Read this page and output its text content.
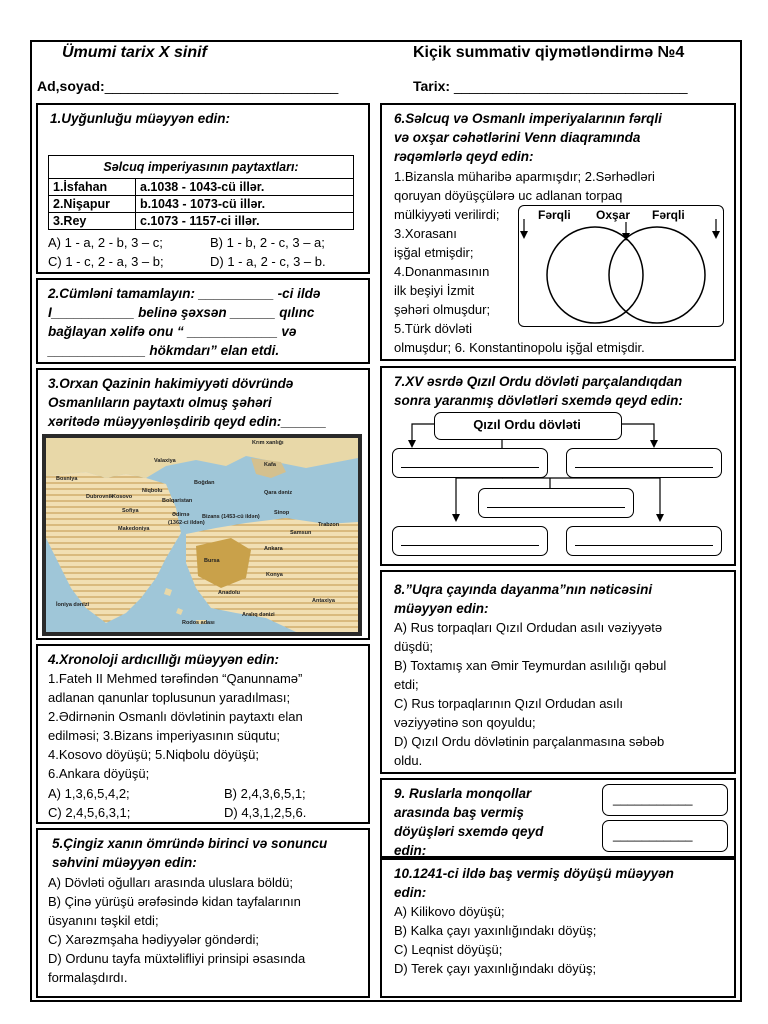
Ümumi tarix X sinif	Kiçik summativ qiymətləndirmə №4
Ad,soyad:______________________________	Tarix: ______________________________
1.Uyğunluğu müəyyən edin:
Səlcuq imperiyasının paytaxtları:	
1.İsfahan	a.1038 - 1043-cü illər.
2.Nişapur	b.1043 - 1073-cü illər.
3.Rey	c.1073 - 1157-ci illər.
A) 1 - a, 2 - b, 3 – c;	B) 1 - b, 2 - c, 3 – a;
C) 1 - c, 2 - a, 3 – b;	D) 1 - a, 2 - c, 3 – b.
2.Cümləni tamamlayın: __________ -ci ildə
I___________ belinə şəxsən ______ qılınc
bağlayan xəlifə onu “ ____________ və
_____________ hökmdarı” elan etdi.
3.Orxan Qazinin hakimiyyəti dövründə
Osmanlıların paytaxtı olmuş şəhəri
xəritədə müəyyənləşdirib qeyd edin:______
Krım xanlığı
Valaxiya
Kafa
Bosniya
Boğdan
Dubrovnik
Kosovo
Niqbolu
Bolqaristan
Sofiya
Makedoniya
Ədirnə
(1362-ci ildən)
Bizans (1453-cü ildən)
Qara dəniz
Sinop
Trabzon
Bursa
Ankara
Konya
Aralıq dənizi
Rodos adası
Antaxiya
İoniya dənizi
Anadolu
Samsun
4.Xronoloji ardıcıllığı müəyyən edin:
1.Fateh II Mehmed tərəfindən “Qanunnamə”
adlanan qanunlar toplusunun yaradılması;
2.Ədirnənin Osmanlı dövlətinin paytaxtı elan
edilməsi; 3.Bizans imperiyasının süqutu;
4.Kosovo döyüşü; 5.Niqbolu döyüşü;
6.Ankara döyüşü;
A) 1,3,6,5,4,2;	B) 2,4,3,6,5,1;
C) 2,4,5,6,3,1;	D) 4,3,1,2,5,6.
5.Çingiz xanın ömründə birinci və sonuncu
səhvini müəyyən edin:
A) Dövləti oğulları arasında uluslara böldü;
B) Çinə yürüşü ərəfəsində kidan tayfalarının
üsyanını təşkil etdi;
C) Xarəzmşaha hədiyyələr göndərdi;
D) Ordunu tayfa müxtəlifliyi prinsipi əsasında
formalaşdırdı.
6.Səlcuq və Osmanlı imperiyalarının fərqli
və oxşar cəhətlərini Venn diaqramında
rəqəmlərlə qeyd edin:
1.Bizansla müharibə aparmışdır; 2.Sərhədləri
qoruyan döyüşçülərə uc adlanan torpaq
mülkiyyəti verilirdi;
3.Xorasanı
işğal etmişdir;
4.Donanmasının
ilk beşiyi İzmit
şəhəri olmuşdur;
5.Türk dövləti
olmuşdur; 6. Konstantinopolu işğal etmişdir.
Fərqli Oxşar Fərqli
7.XV əsrdə Qızıl Ordu dövləti parçalandıqdan
sonra yaranmış dövlətləri sxemdə qeyd edin:
Qızıl Ordu dövləti
8.”Uqra çayında dayanma”nın nəticəsini
müəyyən edin:
A) Rus torpaqları Qızıl Ordudan asılı vəziyyətə
düşdü;
B) Toxtamış xan Əmir Teymurdan asılılığı qəbul
etdi;
C) Rus torpaqlarının Qızıl Ordudan asılı
vəziyyətinə son qoyuldu;
D) Qızıl Ordu dövlətinin parçalanmasına səbəb
oldu.
9. Ruslarla monqollar
arasında baş vermiş
döyüşləri sxemdə qeyd
edin:
___________
___________
10.1241-ci ildə baş vermiş döyüşü müəyyən
edin:
A) Kilikovo döyüşü;
B) Kalka çayı yaxınlığındakı döyüş;
C) Leqnist döyüşü;
D) Terek çayı yaxınlığındakı döyüş;
